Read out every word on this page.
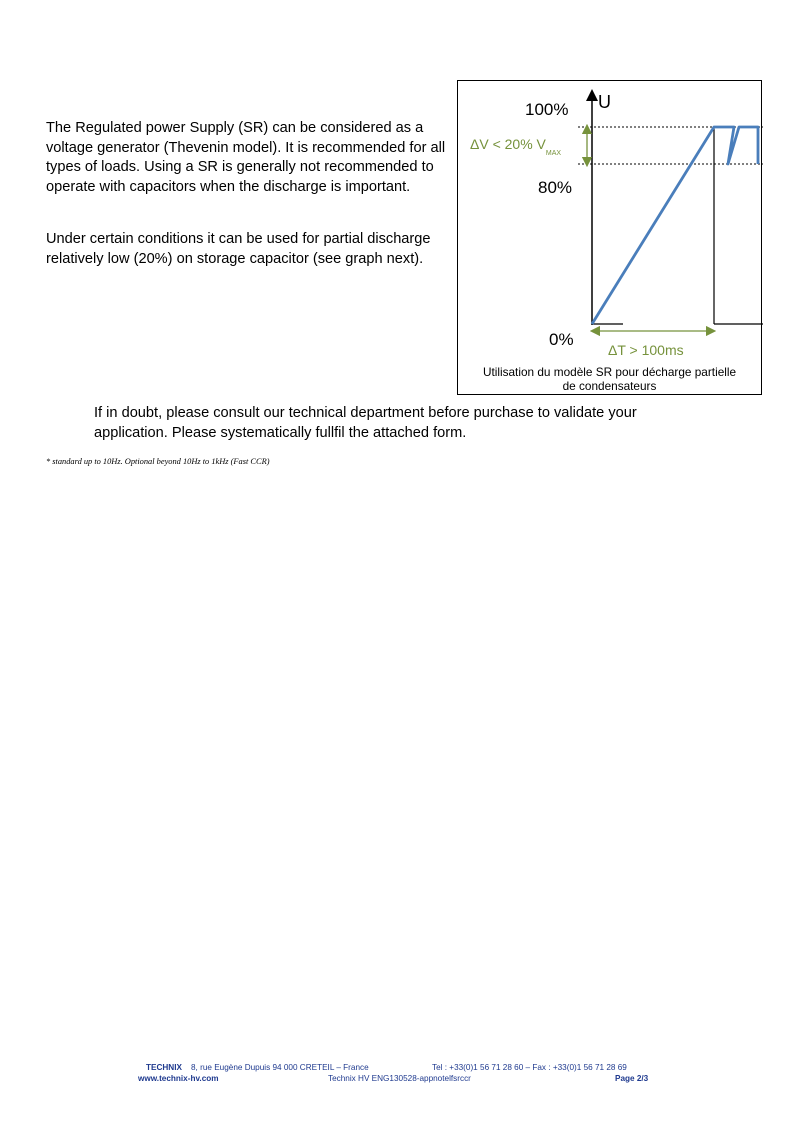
The Regulated power Supply (SR) can be considered as a voltage generator (Thevenin model). It is recommended for all types of loads. Using a SR is generally not recommended to operate with capacitors when the discharge is important.
Under certain conditions it can be used for partial discharge relatively low (20%) on storage capacitor (see graph next).
100% U
80%
0%
ΔV < 20% $V_{MAX}$
ΔT > 100ms
Utilisation du modèle SR pour décharge partielle
de condensateurs
If in doubt, please consult our technical department before purchase to validate your
application. Please systematically fullfil the attached form.
* standard up to 10Hz. Optional beyond 10Hz to 1kHz (Fast CCR)
TECHNIX 8, rue Eugène Dupuis 94 000 CRETEIL – France	Tel : +33(0)1 56 71 28 60 – Fax : +33(0)1 56 71 28 69
www.technix-hv.com	Technix HV ENG130528-appnotelfsrccr	Page 2/3
